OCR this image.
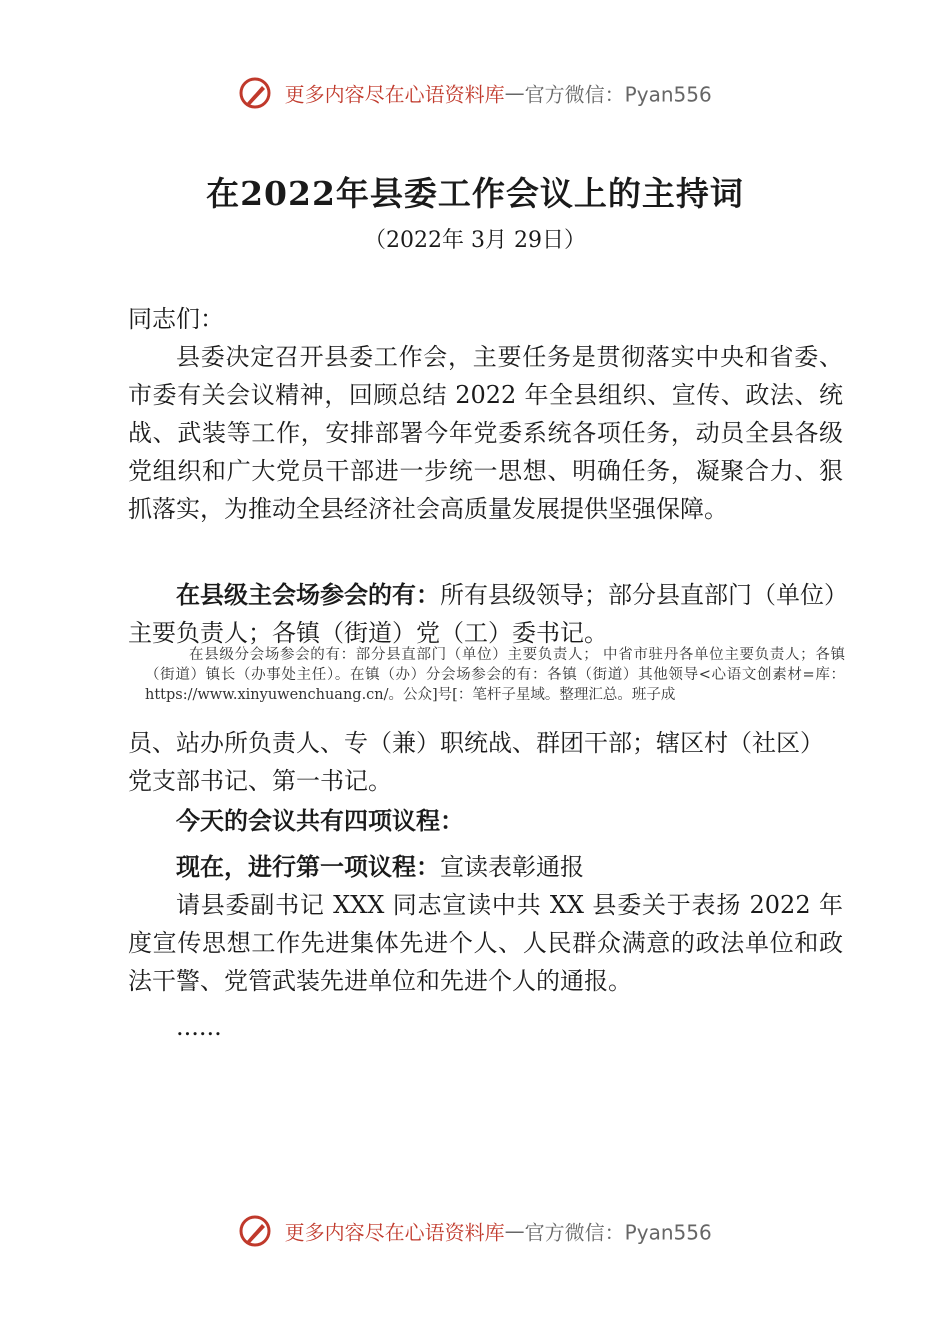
更多内容尽在心语资料库—官方微信：Pyan556
在2022年县委工作会议上的主持词
（2022年 3月 29日）
同志们：
县委决定召开县委工作会，主要任务是贯彻落实中央和省委、市委有关会议精神，回顾总结 2022 年全县组织、宣传、政法、统战、武装等工作，安排部署今年党委系统各项任务，动员全县各级党组织和广大党员干部进一步统一思想、明确任务，凝聚合力、狠抓落实，为推动全县经济社会高质量发展提供坚强保障。
在县级主会场参会的有：所有县级领导；部分县直部门（单位）主要负责人；各镇（街道）党（工）委书记。
在县级分会场参会的有：部分县直部门（单位）主要负责人； 中省市驻丹各单位主要负责人；各镇（街道）镇长（办事处主任）。在镇（办）分会场参会的有：各镇（街道）其他领导<心语文创素材=库：https://www.xinyuwenchuang.cn/。公众]号[：笔杆子星域。整理汇总。班子成
员、站办所负责人、专（兼）职统战、群团干部；辖区村（社区）党支部书记、第一书记。
今天的会议共有四项议程：
现在，进行第一项议程：宣读表彰通报
请县委副书记 XXX 同志宣读中共 XX 县委关于表扬 2022 年度宣传思想工作先进集体先进个人、人民群众满意的政法单位和政法干警、党管武装先进单位和先进个人的通报。
......
更多内容尽在心语资料库—官方微信：Pyan556
